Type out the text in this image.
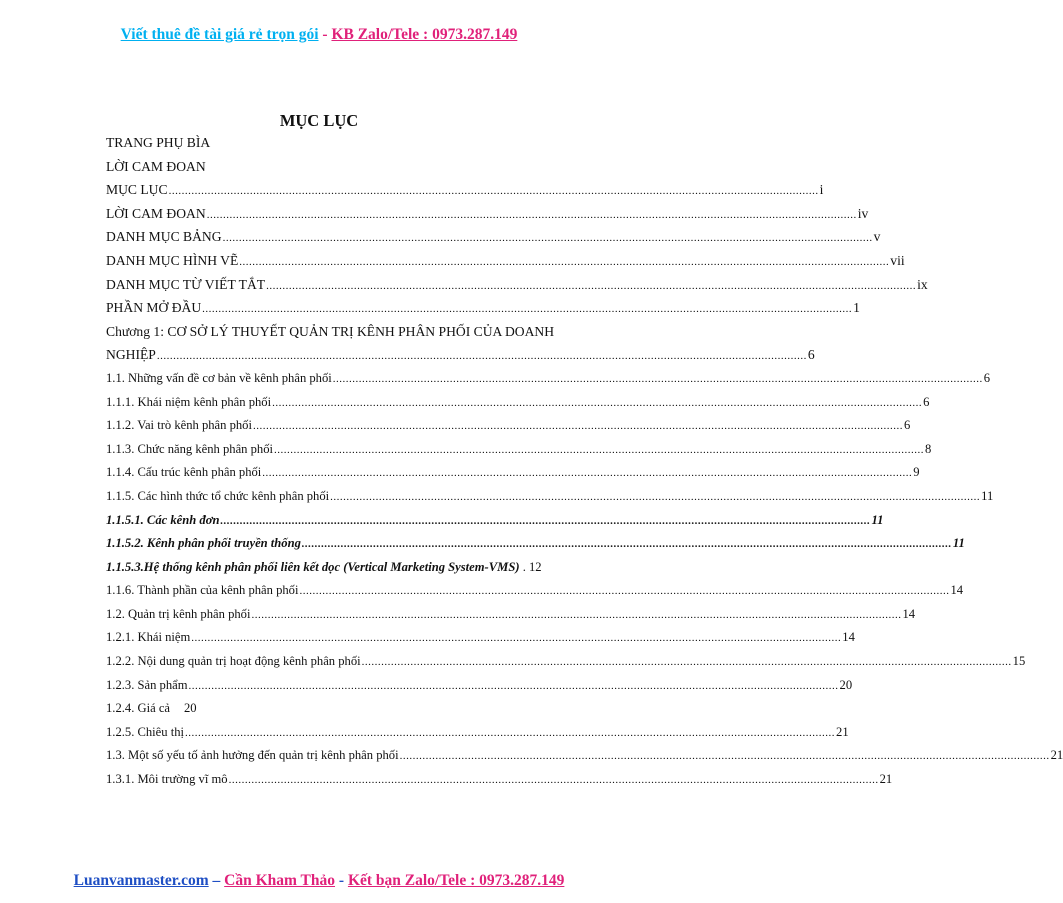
Viết thuê đề tài giá rẻ trọn gói - KB Zalo/Tele : 0973.287.149
MỤC LỤC
TRANG PHỤ BÌA
LỜI CAM ĐOAN
MỤC LỤC ........................................................................................................................................................................................................ i
LỜI CAM ĐOAN ........................................................................................................................................................................................................ iv
DANH MỤC BẢNG ........................................................................................................................................................................................................ v
DANH MỤC HÌNH VẼ ........................................................................................................................................................................................................ vii
DANH MỤC TỪ VIẾT TẮT ........................................................................................................................................................................................................ ix
PHẦN MỞ ĐẦU ........................................................................................................................................................................................................ 1
Chương 1: CƠ SỞ LÝ THUYẾT QUẢN TRỊ KÊNH PHÂN PHỐI CỦA DOANH
NGHIỆP ........................................................................................................................................................................................................ 6
1.1. Những vấn đề cơ bản về kênh phân phối ........................................................................................................................................................................................................ 6
1.1.1. Khái niệm kênh phân phối ........................................................................................................................................................................................................ 6
1.1.2. Vai trò kênh phân phối ........................................................................................................................................................................................................ 6
1.1.3. Chức năng kênh phân phối ........................................................................................................................................................................................................ 8
1.1.4. Cấu trúc kênh phân phối ........................................................................................................................................................................................................ 9
1.1.5. Các hình thức tổ chức kênh phân phối ........................................................................................................................................................................................................ 11
1.1.5.1. Các kênh đơn ........................................................................................................................................................................................................ 11
1.1.5.2. Kênh phân phối truyền thống ........................................................................................................................................................................................................ 11
1.1.5.3.Hệ thống kênh phân phối liên kết dọc (Vertical Marketing System-VMS)
. 12
1.1.6. Thành phần của kênh phân phối ........................................................................................................................................................................................................ 14
1.2. Quản trị kênh phân phối ........................................................................................................................................................................................................ 14
1.2.1. Khái niệm ........................................................................................................................................................................................................ 14
1.2.2. Nội dung quản trị hoạt động kênh phân phối ........................................................................................................................................................................................................ 15
1.2.3. Sản phẩm ........................................................................................................................................................................................................ 20
1.2.4. Giá cả 20
1.2.5. Chiêu thị ........................................................................................................................................................................................................ 21
1.3. Một số yếu tố ảnh hưởng đến quản trị kênh phân phối ........................................................................................................................................................................................................ 21
1.3.1. Môi trường vĩ mô ........................................................................................................................................................................................................ 21
Luanvanmaster.com – Cần Kham Thảo - Kết bạn Zalo/Tele : 0973.287.149
